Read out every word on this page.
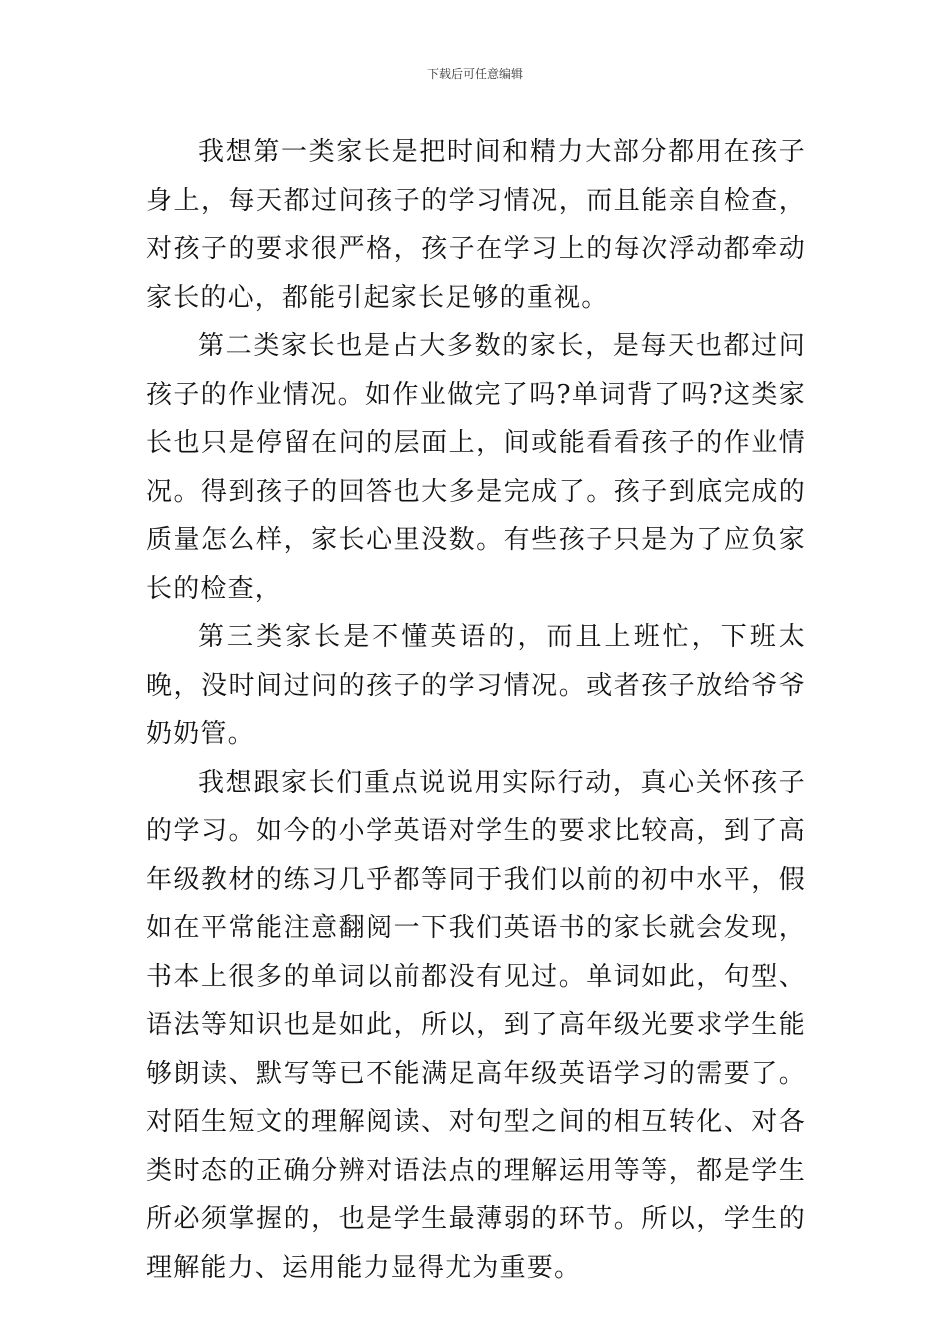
下载后可任意编辑

我想第一类家长是把时间和精力大部分都用在孩子身上，每天都过问孩子的学习情况，而且能亲自检查，对孩子的要求很严格，孩子在学习上的每次浮动都牵动家长的心，都能引起家长足够的重视。

第二类家长也是占大多数的家长，是每天也都过问孩子的作业情况。如作业做完了吗?单词背了吗?这类家长也只是停留在问的层面上，间或能看看孩子的作业情况。得到孩子的回答也大多是完成了。孩子到底完成的质量怎么样，家长心里没数。有些孩子只是为了应负家长的检查，

第三类家长是不懂英语的，而且上班忙，下班太晚，没时间过问的孩子的学习情况。或者孩子放给爷爷奶奶管。

我想跟家长们重点说说用实际行动，真心关怀孩子的学习。如今的小学英语对学生的要求比较高，到了高年级教材的练习几乎都等同于我们以前的初中水平，假如在平常能注意翻阅一下我们英语书的家长就会发现，书本上很多的单词以前都没有见过。单词如此，句型、语法等知识也是如此，所以，到了高年级光要求学生能够朗读、默写等已不能满足高年级英语学习的需要了。对陌生短文的理解阅读、对句型之间的相互转化、对各类时态的正确分辨对语法点的理解运用等等，都是学生所必须掌握的，也是学生最薄弱的环节。所以，学生的理解能力、运用能力显得尤为重要。
